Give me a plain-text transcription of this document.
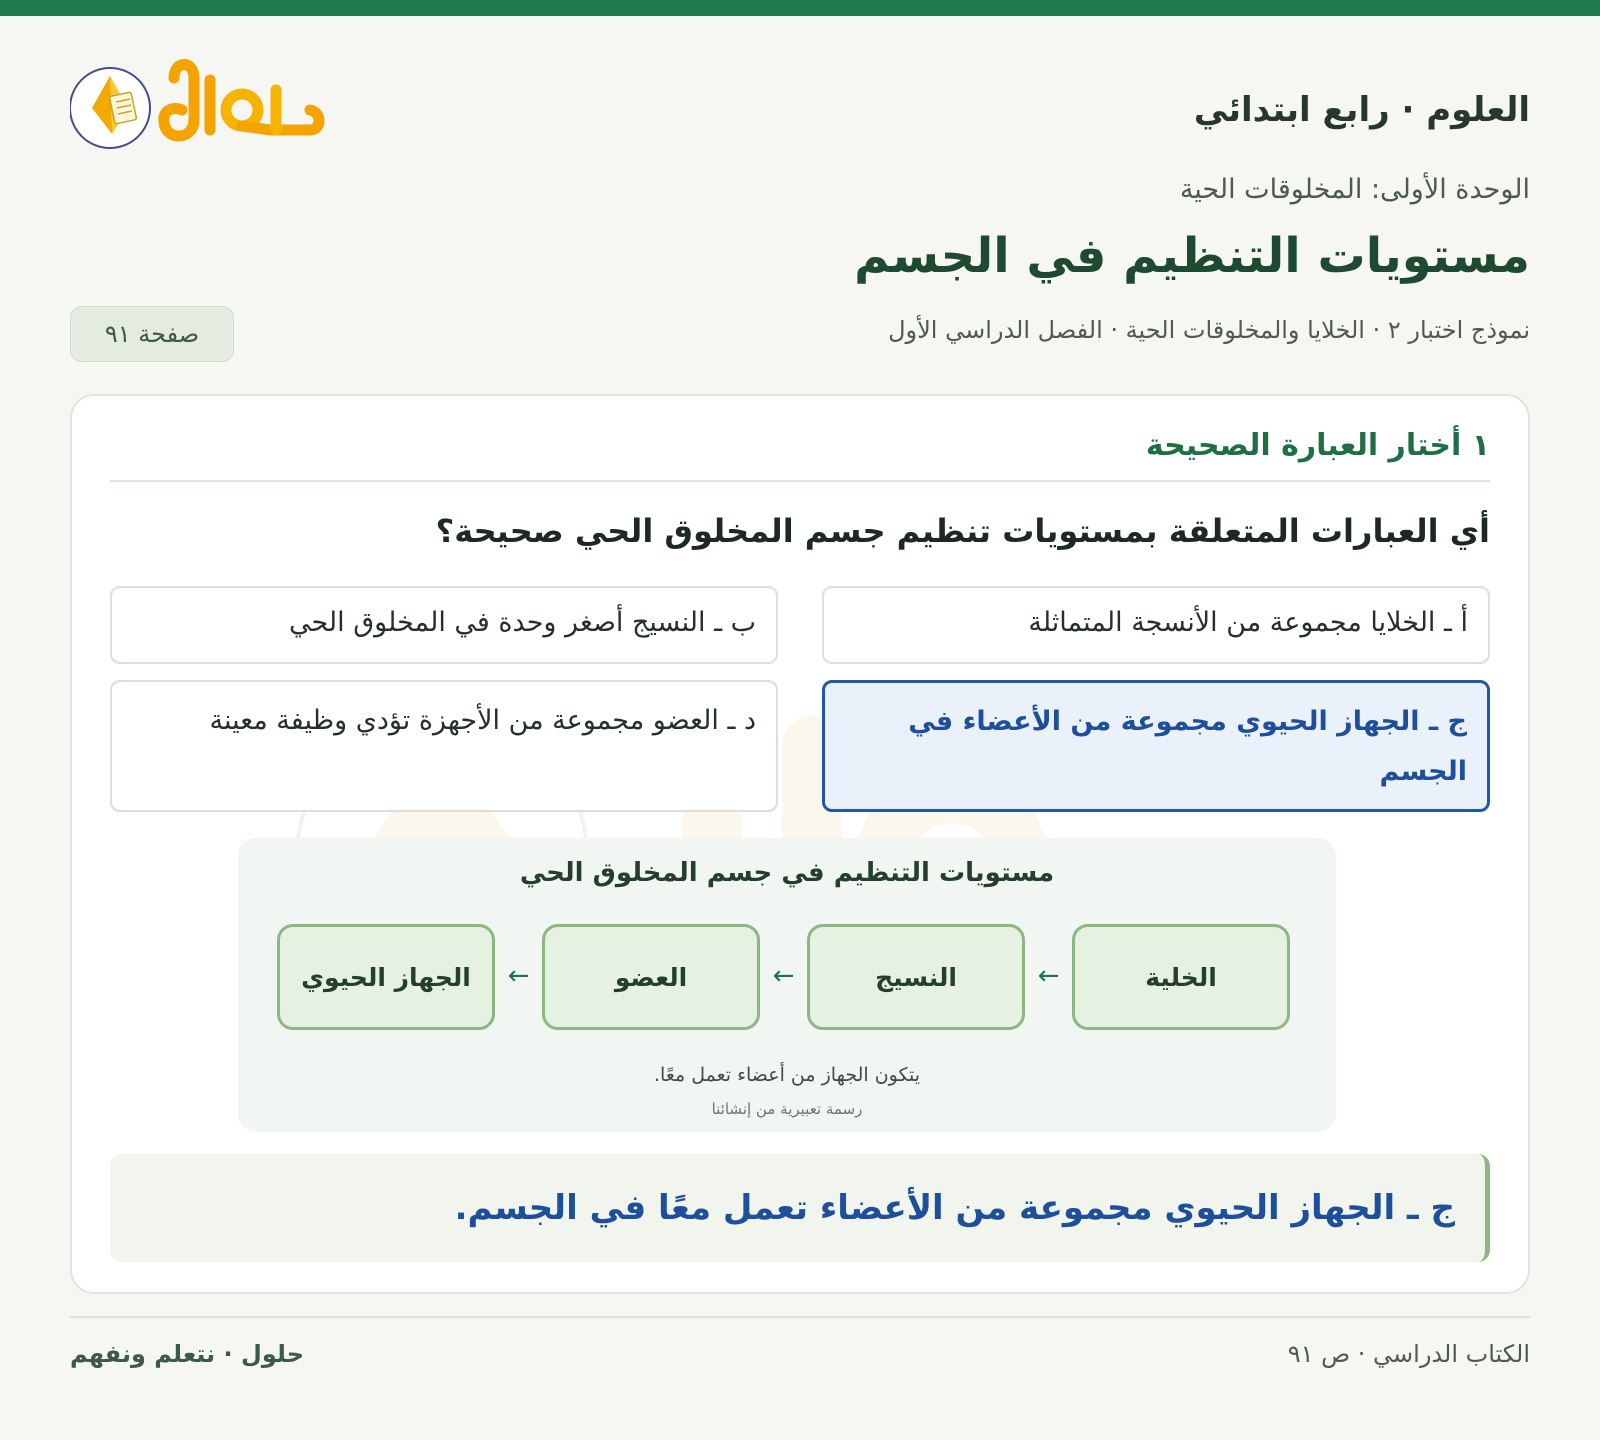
العلوم · رابع ابتدائي
الوحدة الأولى: المخلوقات الحية
مستويات التنظيم في الجسم
نموذج اختبار ٢ · الخلايا والمخلوقات الحية · الفصل الدراسي الأول
صفحة ٩١
١ أختار العبارة الصحيحة
أي العبارات المتعلقة بمستويات تنظيم جسم المخلوق الحي صحيحة؟
أ ـ الخلايا مجموعة من الأنسجة المتماثلة
ب ـ النسيج أصغر وحدة في المخلوق الحي
ج ـ الجهاز الحيوي مجموعة من الأعضاء في الجسم
د ـ العضو مجموعة من الأجهزة تؤدي وظيفة معينة
مستويات التنظيم في جسم المخلوق الحي
الخلية
←
النسيج
←
العضو
←
الجهاز الحيوي
يتكون الجهاز من أعضاء تعمل معًا.
رسمة تعبيرية من إنشائنا
ج ـ الجهاز الحيوي مجموعة من الأعضاء تعمل معًا في الجسم.
الكتاب الدراسي · ص ٩١
حلول · نتعلم ونفهم
